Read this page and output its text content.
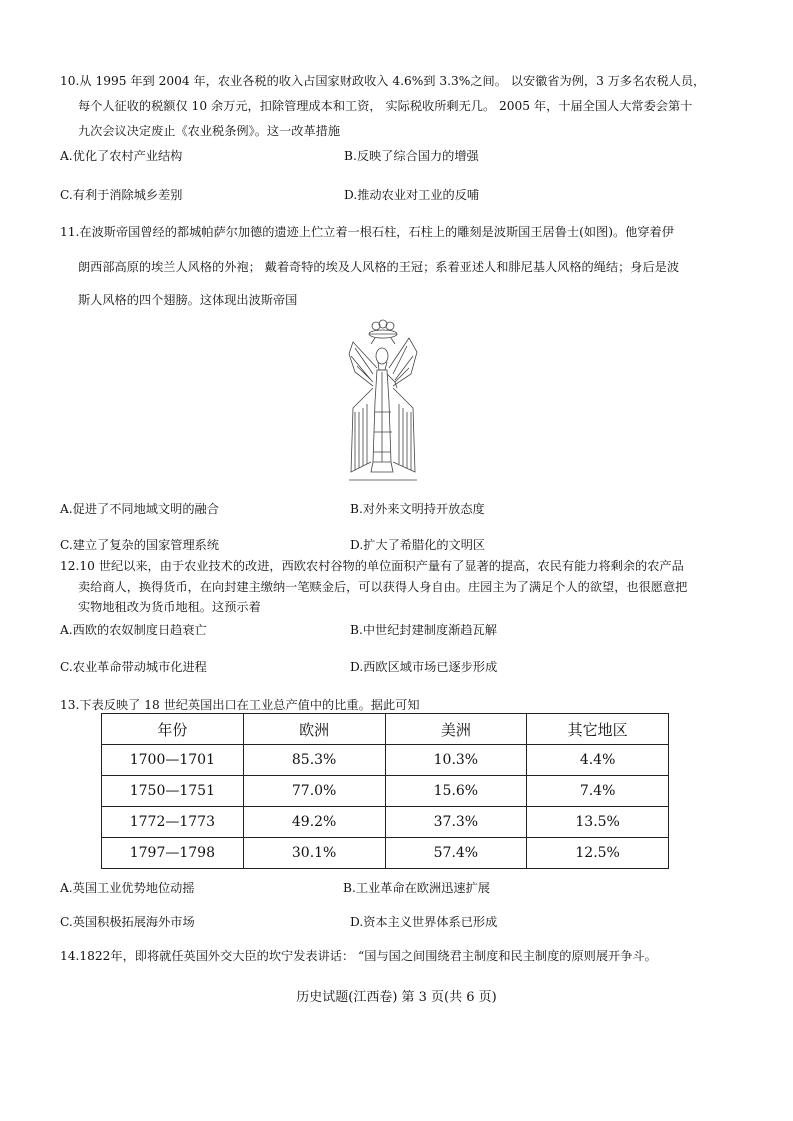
10.从 1995 年到 2004 年，农业各税的收入占国家财政收入 4.6%到 3.3%之间。 以安徽省为例，3 万多名农税人员，
每个人征收的税额仅 10 余万元，扣除管理成本和工资， 实际税收所剩无几。 2005 年，十届全国人大常委会第十
九次会议决定废止《农业税条例》。这一改革措施
A.优化了农村产业结构	B.反映了综合国力的增强
C.有利于消除城乡差别	D.推动农业对工业的反哺
11.在波斯帝国曾经的都城帕萨尔加德的遗迹上伫立着一根石柱，石柱上的雕刻是波斯国王居鲁士(如图)。他穿着伊
朗西部高原的埃兰人风格的外袍； 戴着奇特的埃及人风格的王冠；系着亚述人和腓尼基人风格的绳结；身后是波
斯人风格的四个翅膀。这体现出波斯帝国
A.促进了不同地域文明的融合	B.对外来文明持开放态度
C.建立了复杂的国家管理系统	D.扩大了希腊化的文明区
12.10 世纪以来，由于农业技术的改进，西欧农村谷物的单位面积产量有了显著的提高，农民有能力将剩余的农产品
卖给商人，换得货币，在向封建主缴纳一笔赎金后，可以获得人身自由。庄园主为了满足个人的欲望，也很愿意把
实物地租改为货币地租。这预示着
A.西欧的农奴制度日趋衰亡	B.中世纪封建制度渐趋瓦解
C.农业革命带动城市化进程	D.西欧区域市场已逐步形成
13.下表反映了 18 世纪英国出口在工业总产值中的比重。据此可知
年份	欧洲	美洲	其它地区
1700—1701	85.3%	10.3%	4.4%
1750—1751	77.0%	15.6%	7.4%
1772—1773	49.2%	37.3%	13.5%
1797—1798	30.1%	57.4%	12.5%
A.英国工业优势地位动摇	B.工业革命在欧洲迅速扩展
C.英国积极拓展海外市场	D.资本主义世界体系已形成
14.1822年，即将就任英国外交大臣的坎宁发表讲话： “国与国之间围绕君主制度和民主制度的原则展开争斗。
历史试题(江西卷) 第 3 页(共 6 页)
